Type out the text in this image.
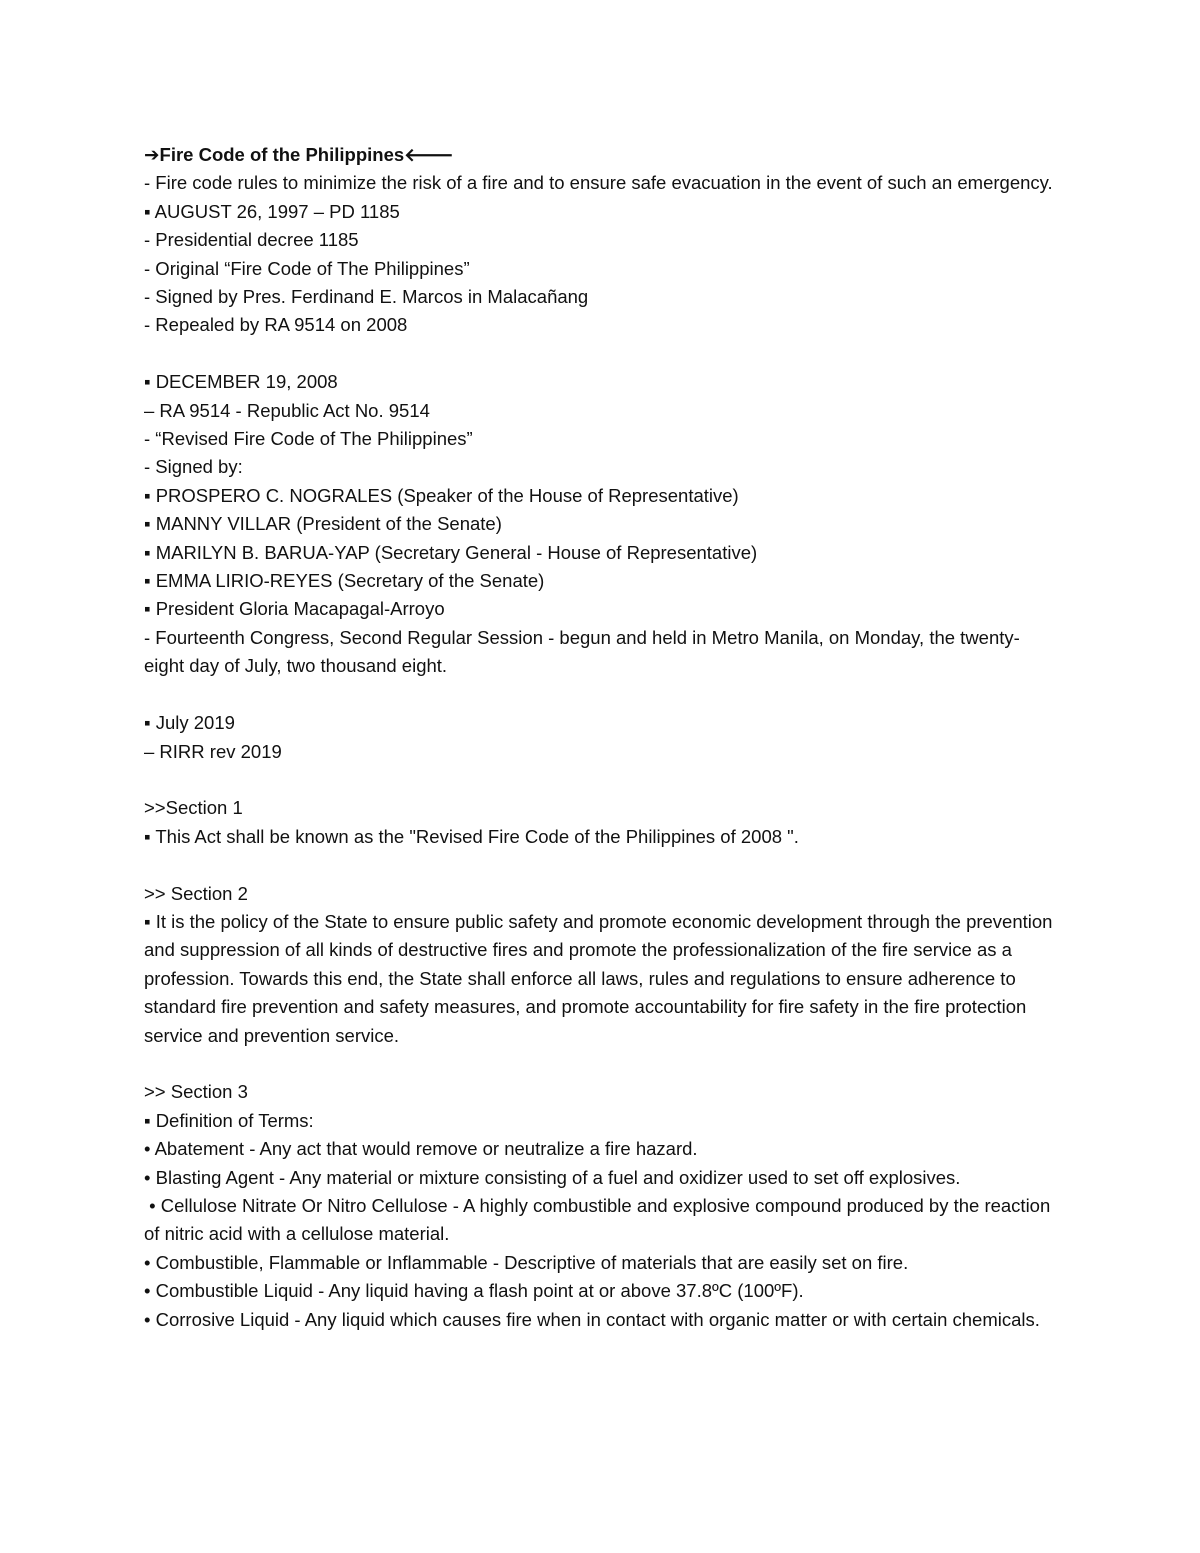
➔Fire Code of the Philippines🡐
- Fire code rules to minimize the risk of a fire and to ensure safe evacuation in the event of such an emergency.
▪ AUGUST 26, 1997 – PD 1185
- Presidential decree 1185
- Original “Fire Code of The Philippines”
- Signed by Pres. Ferdinand E. Marcos in Malacañang
- Repealed by RA 9514 on 2008
▪ DECEMBER 19, 2008
– RA 9514 - Republic Act No. 9514
- “Revised Fire Code of The Philippines”
- Signed by:
▪ PROSPERO C. NOGRALES (Speaker of the House of Representative)
▪ MANNY VILLAR (President of the Senate)
▪ MARILYN B. BARUA-YAP (Secretary General - House of Representative)
▪ EMMA LIRIO-REYES (Secretary of the Senate)
▪ President Gloria Macapagal-Arroyo
- Fourteenth Congress, Second Regular Session - begun and held in Metro Manila, on Monday, the twenty-eight day of July, two thousand eight.
▪ July 2019
– RIRR rev 2019
>>Section 1
▪ This Act shall be known as the "Revised Fire Code of the Philippines of 2008 ".
>> Section 2
▪ It is the policy of the State to ensure public safety and promote economic development through the prevention and suppression of all kinds of destructive fires and promote the professionalization of the fire service as a profession. Towards this end, the State shall enforce all laws, rules and regulations to ensure adherence to standard fire prevention and safety measures, and promote accountability for fire safety in the fire protection service and prevention service.
>> Section 3
▪ Definition of Terms:
• Abatement - Any act that would remove or neutralize a fire hazard.
• Blasting Agent - Any material or mixture consisting of a fuel and oxidizer used to set off explosives.
• Cellulose Nitrate Or Nitro Cellulose - A highly combustible and explosive compound produced by the reaction of nitric acid with a cellulose material.
• Combustible, Flammable or Inflammable - Descriptive of materials that are easily set on fire.
• Combustible Liquid - Any liquid having a flash point at or above 37.8ºC (100ºF).
• Corrosive Liquid - Any liquid which causes fire when in contact with organic matter or with certain chemicals.
